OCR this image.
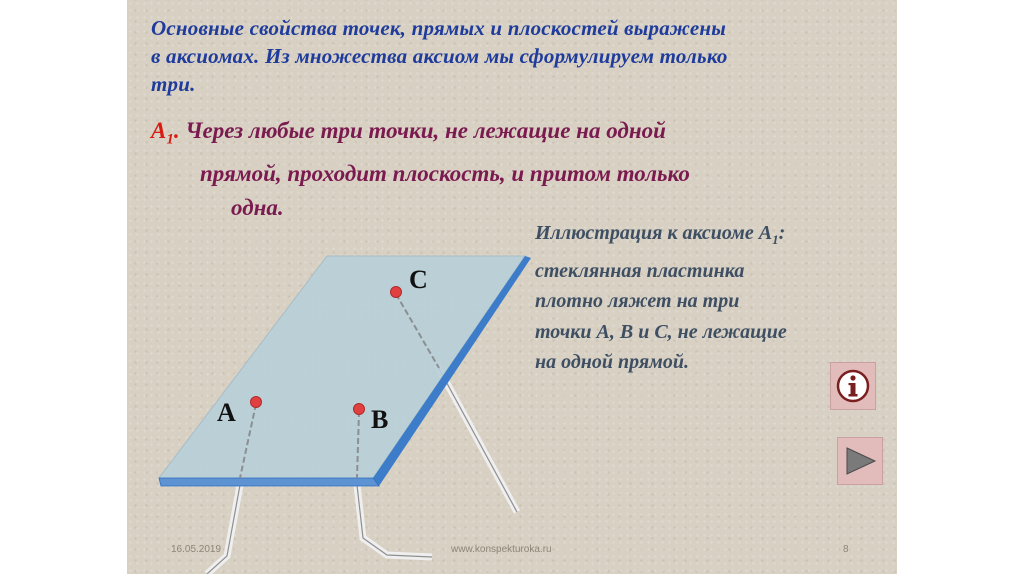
Основные свойства точек, прямых и плоскостей выражены
в аксиомах. Из множества аксиом мы сформулируем только
три.
$А_1$. Через любые три точки, не лежащие на одной
прямой, проходит плоскость, и притом только
одна.
А	В
С
Иллюстрация к аксиоме $А_1$:
стеклянная пластинка
плотно ляжет на три
точки А, В и С, не лежащие
на одной прямой.
16.05.2019	www.konspekturoka.ru	8
